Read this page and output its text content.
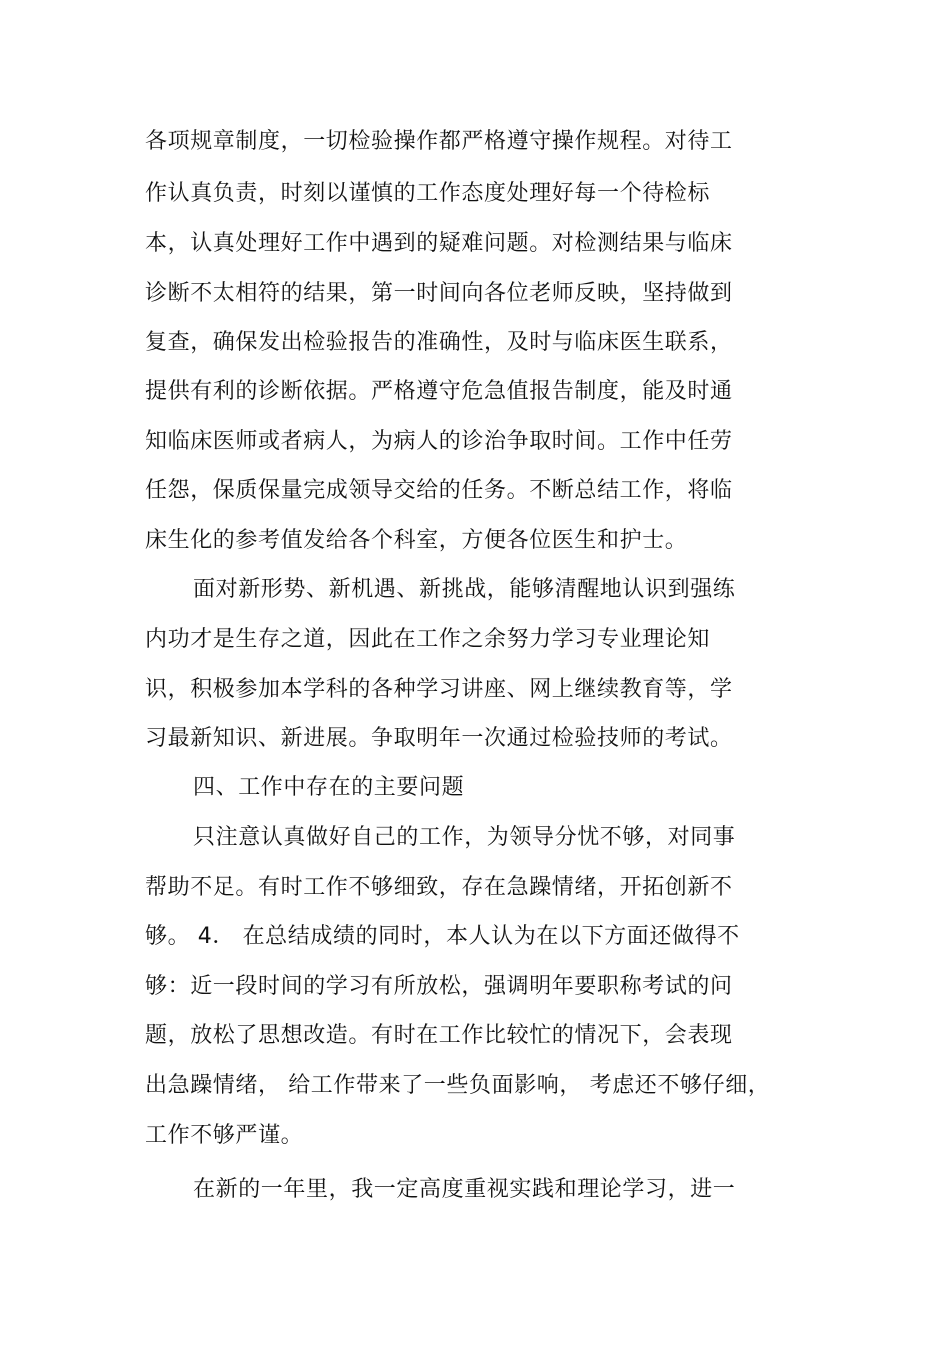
各项规章制度，一切检验操作都严格遵守操作规程。对待工
作认真负责，时刻以谨慎的工作态度处理好每一个待检标
本，认真处理好工作中遇到的疑难问题。对检测结果与临床
诊断不太相符的结果，第一时间向各位老师反映，坚持做到
复查，确保发出检验报告的准确性，及时与临床医生联系，
提供有利的诊断依据。严格遵守危急值报告制度，能及时通
知临床医师或者病人，为病人的诊治争取时间。工作中任劳
任怨，保质保量完成领导交给的任务。不断总结工作，将临
床生化的参考值发给各个科室，方便各位医生和护士。
面对新形势、新机遇、新挑战，能够清醒地认识到强练
内功才是生存之道，因此在工作之余努力学习专业理论知
识，积极参加本学科的各种学习讲座、网上继续教育等，学
习最新知识、新进展。争取明年一次通过检验技师的考试。
四、工作中存在的主要问题
只注意认真做好自己的工作，为领导分忧不够，对同事
帮助不足。有时工作不够细致，存在急躁情绪，开拓创新不
够。 4． 在总结成绩的同时，本人认为在以下方面还做得不
够：近一段时间的学习有所放松，强调明年要职称考试的问
题，放松了思想改造。有时在工作比较忙的情况下，会表现
出急躁情绪， 给工作带来了一些负面影响， 考虑还不够仔细，
工作不够严谨。
在新的一年里，我一定高度重视实践和理论学习，进一
